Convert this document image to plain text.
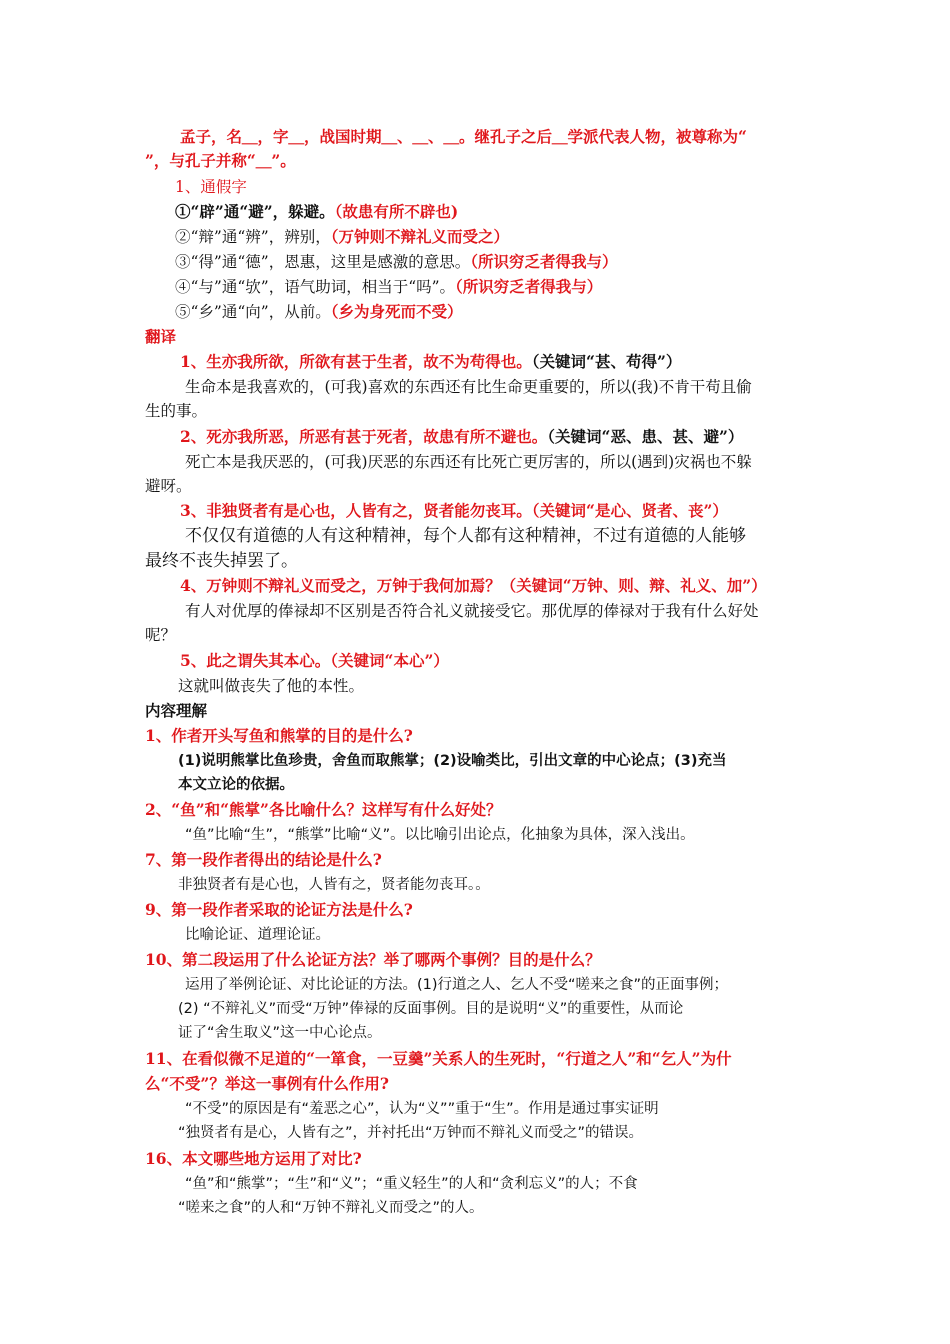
孟子，名＿，字＿，战国时期＿、＿、＿。继孔子之后＿学派代表人物，被尊称为“
”，与孔子并称“＿”。
1、通假字
①“辟”通“避”，躲避。（故患有所不辟也)
②“辩”通“辨”，辨别，（万钟则不辩礼义而受之）
③“得”通“德”，恩惠，这里是感激的意思。（所识穷乏者得我与）
④“与”通“欤”，语气助词，相当于“吗”。（所识穷乏者得我与）
⑤“乡”通“向”，从前。（乡为身死而不受）
翻译
1、生亦我所欲，所欲有甚于生者，故不为苟得也。（关键词“甚、苟得”）
生命本是我喜欢的，(可我)喜欢的东西还有比生命更重要的，所以(我)不肯干苟且偷
生的事。
2、死亦我所恶，所恶有甚于死者，故患有所不避也。（关键词“恶、患、甚、避”）
死亡本是我厌恶的，(可我)厌恶的东西还有比死亡更厉害的，所以(遇到)灾祸也不躲
避呀。
3、非独贤者有是心也，人皆有之，贤者能勿丧耳。（关键词“是心、贤者、丧”）
不仅仅有道德的人有这种精神，每个人都有这种精神，不过有道德的人能够
最终不丧失掉罢了。
4、万钟则不辩礼义而受之，万钟于我何加焉？（关键词“万钟、则、辩、礼义、加”）
有人对优厚的俸禄却不区别是否符合礼义就接受它。那优厚的俸禄对于我有什么好处
呢？
5、此之谓失其本心。（关键词“本心”）
这就叫做丧失了他的本性。
内容理解
1、作者开头写鱼和熊掌的目的是什么?
(1)说明熊掌比鱼珍贵，舍鱼而取熊掌；(2)设喻类比，引出文章的中心论点；(3)充当
本文立论的依据。
2、“鱼”和“熊掌”各比喻什么？这样写有什么好处？
“鱼”比喻“生”，“熊掌”比喻“义”。以比喻引出论点，化抽象为具体，深入浅出。
7、第一段作者得出的结论是什么?
非独贤者有是心也，人皆有之，贤者能勿丧耳。。
9、第一段作者采取的论证方法是什么?
比喻论证、道理论证。
10、第二段运用了什么论证方法？举了哪两个事例？目的是什么？
运用了举例论证、对比论证的方法。(1)行道之人、乞人不受“嗟来之食”的正面事例；
(2) “不辩礼义”而受“万钟”俸禄的反面事例。目的是说明“义”的重要性，从而论
证了“舍生取义”这一中心论点。
11、在看似微不足道的“一箪食，一豆羹”关系人的生死时，“行道之人”和“乞人”为什
么“不受”？举这一事例有什么作用?
“不受”的原因是有“羞恶之心”，认为“义””重于“生”。作用是通过事实证明
“独贤者有是心，人皆有之”，并衬托出“万钟而不辩礼义而受之”的错误。
16、本文哪些地方运用了对比?
“鱼”和“熊掌”；“生”和“义”；“重义轻生”的人和“贪利忘义”的人；不食
“嗟来之食”的人和“万钟不辩礼义而受之”的人。
